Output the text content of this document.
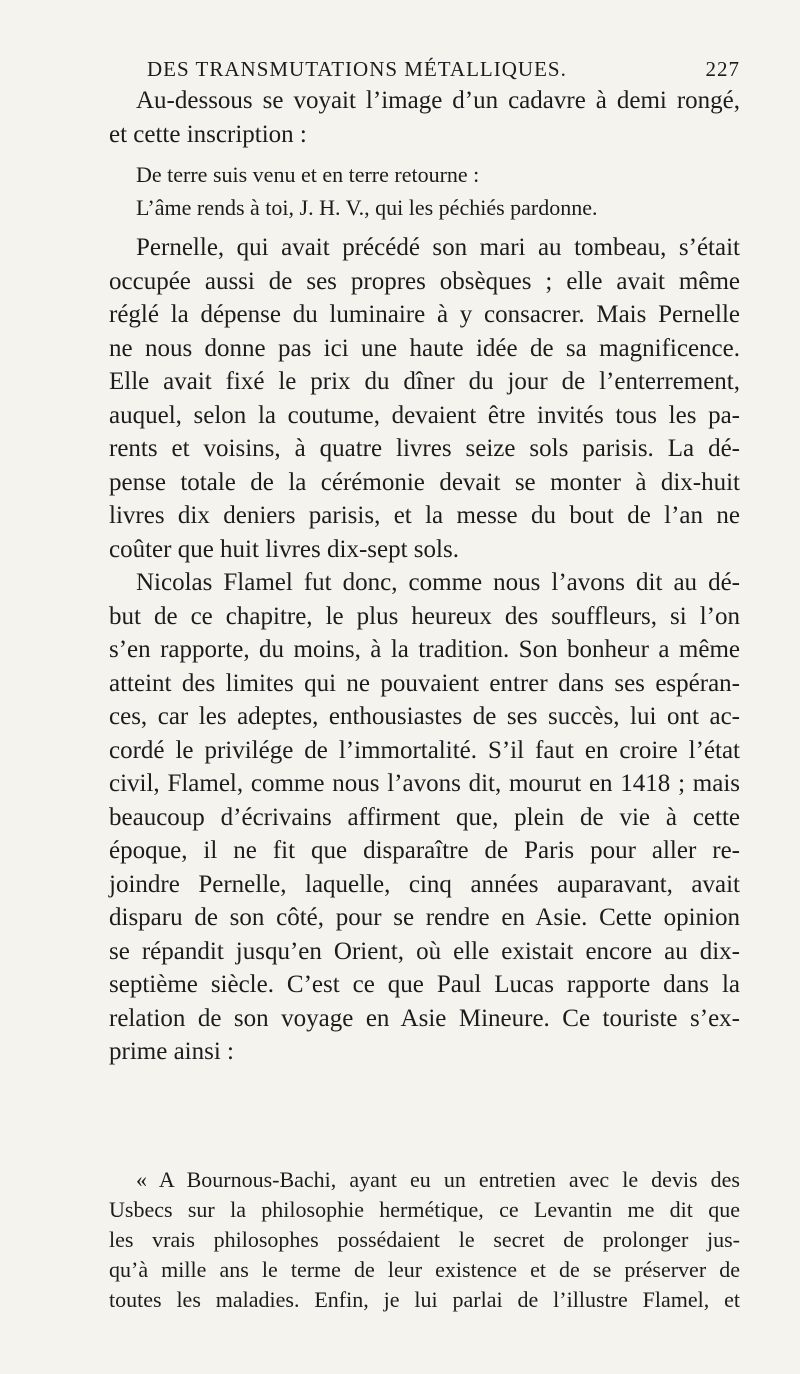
DES TRANSMUTATIONS MÉTALLIQUES.	227
Au-dessous se voyait l’image d’un cadavre à demi rongé,
et cette inscription :
De terre suis venu et en terre retourne :
L’âme rends à toi, J. H. V., qui les péchiés pardonne.
Pernelle, qui avait précédé son mari au tombeau, s’était
occupée aussi de ses propres obsèques ; elle avait même
réglé la dépense du luminaire à y consacrer. Mais Pernelle
ne nous donne pas ici une haute idée de sa magnificence.
Elle avait fixé le prix du dîner du jour de l’enterrement,
auquel, selon la coutume, devaient être invités tous les pa-
rents et voisins, à quatre livres seize sols parisis. La dé-
pense totale de la cérémonie devait se monter à dix-huit
livres dix deniers parisis, et la messe du bout de l’an ne
coûter que huit livres dix-sept sols.
Nicolas Flamel fut donc, comme nous l’avons dit au dé-
but de ce chapitre, le plus heureux des souffleurs, si l’on
s’en rapporte, du moins, à la tradition. Son bonheur a même
atteint des limites qui ne pouvaient entrer dans ses espéran-
ces, car les adeptes, enthousiastes de ses succès, lui ont ac-
cordé le privilége de l’immortalité. S’il faut en croire l’état
civil, Flamel, comme nous l’avons dit, mourut en 1418 ; mais
beaucoup d’écrivains affirment que, plein de vie à cette
époque, il ne fit que disparaître de Paris pour aller re-
joindre Pernelle, laquelle, cinq années auparavant, avait
disparu de son côté, pour se rendre en Asie. Cette opinion
se répandit jusqu’en Orient, où elle existait encore au dix-
septième siècle. C’est ce que Paul Lucas rapporte dans la
relation de son voyage en Asie Mineure. Ce touriste s’ex-
prime ainsi :
« A Bournous-Bachi, ayant eu un entretien avec le devis des
Usbecs sur la philosophie hermétique, ce Levantin me dit que
les vrais philosophes possédaient le secret de prolonger jus-
qu’à mille ans le terme de leur existence et de se préserver de
toutes les maladies. Enfin, je lui parlai de l’illustre Flamel, et
